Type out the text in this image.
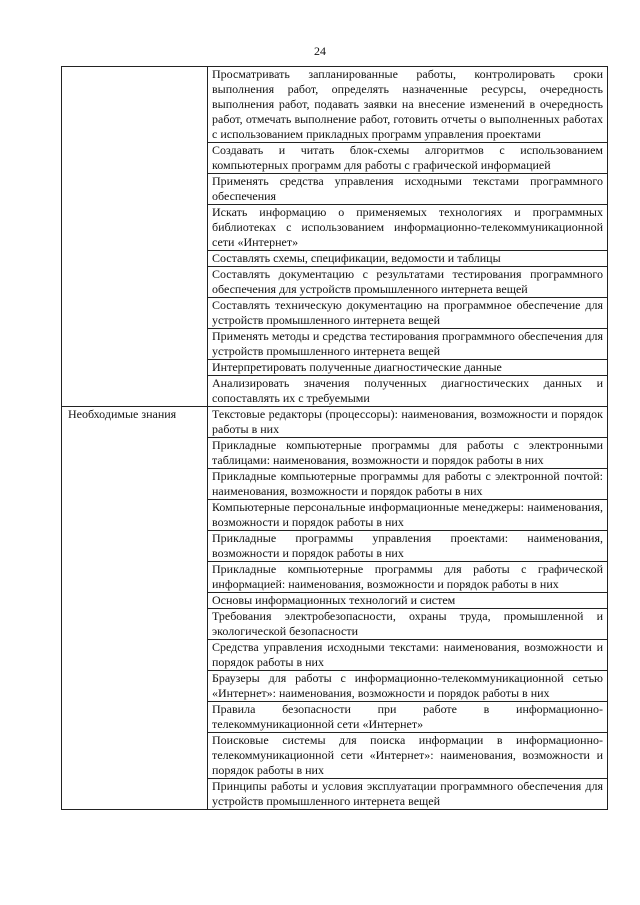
24
	Просматривать запланированные работы, контролировать сроки выполнения работ, определять назначенные ресурсы, очередность выполнения работ, подавать заявки на внесение изменений в очередность работ, отмечать выполнение работ, готовить отчеты о выполненных работах с использованием прикладных программ управления проектами
	Создавать и читать блок-схемы алгоритмов с использованием компьютерных программ для работы с графической информацией
	Применять средства управления исходными текстами программного обеспечения
	Искать информацию о применяемых технологиях и программных библиотеках с использованием информационно-телекоммуникационной сети «Интернет»
	Составлять схемы, спецификации, ведомости и таблицы
	Составлять документацию с результатами тестирования программного обеспечения для устройств промышленного интернета вещей
	Составлять техническую документацию на программное обеспечение для устройств промышленного интернета вещей
	Применять методы и средства тестирования программного обеспечения для устройств промышленного интернета вещей
	Интерпретировать полученные диагностические данные
	Анализировать значения полученных диагностических данных и сопоставлять их с требуемыми
Необходимые знания	Текстовые редакторы (процессоры): наименования, возможности и порядок работы в них
	Прикладные компьютерные программы для работы с электронными таблицами: наименования, возможности и порядок работы в них
	Прикладные компьютерные программы для работы с электронной почтой: наименования, возможности и порядок работы в них
	Компьютерные персональные информационные менеджеры: наименования, возможности и порядок работы в них
	Прикладные программы управления проектами: наименования, возможности и порядок работы в них
	Прикладные компьютерные программы для работы с графической информацией: наименования, возможности и порядок работы в них
	Основы информационных технологий и систем
	Требования электробезопасности, охраны труда, промышленной и экологической безопасности
	Средства управления исходными текстами: наименования, возможности и порядок работы в них
	Браузеры для работы с информационно-телекоммуникационной сетью «Интернет»: наименования, возможности и порядок работы в них
	Правила безопасности при работе в информационно-телекоммуникационной сети «Интернет»
	Поисковые системы для поиска информации в информационно-телекоммуникационной сети «Интернет»: наименования, возможности и порядок работы в них
	Принципы работы и условия эксплуатации программного обеспечения для устройств промышленного интернета вещей
